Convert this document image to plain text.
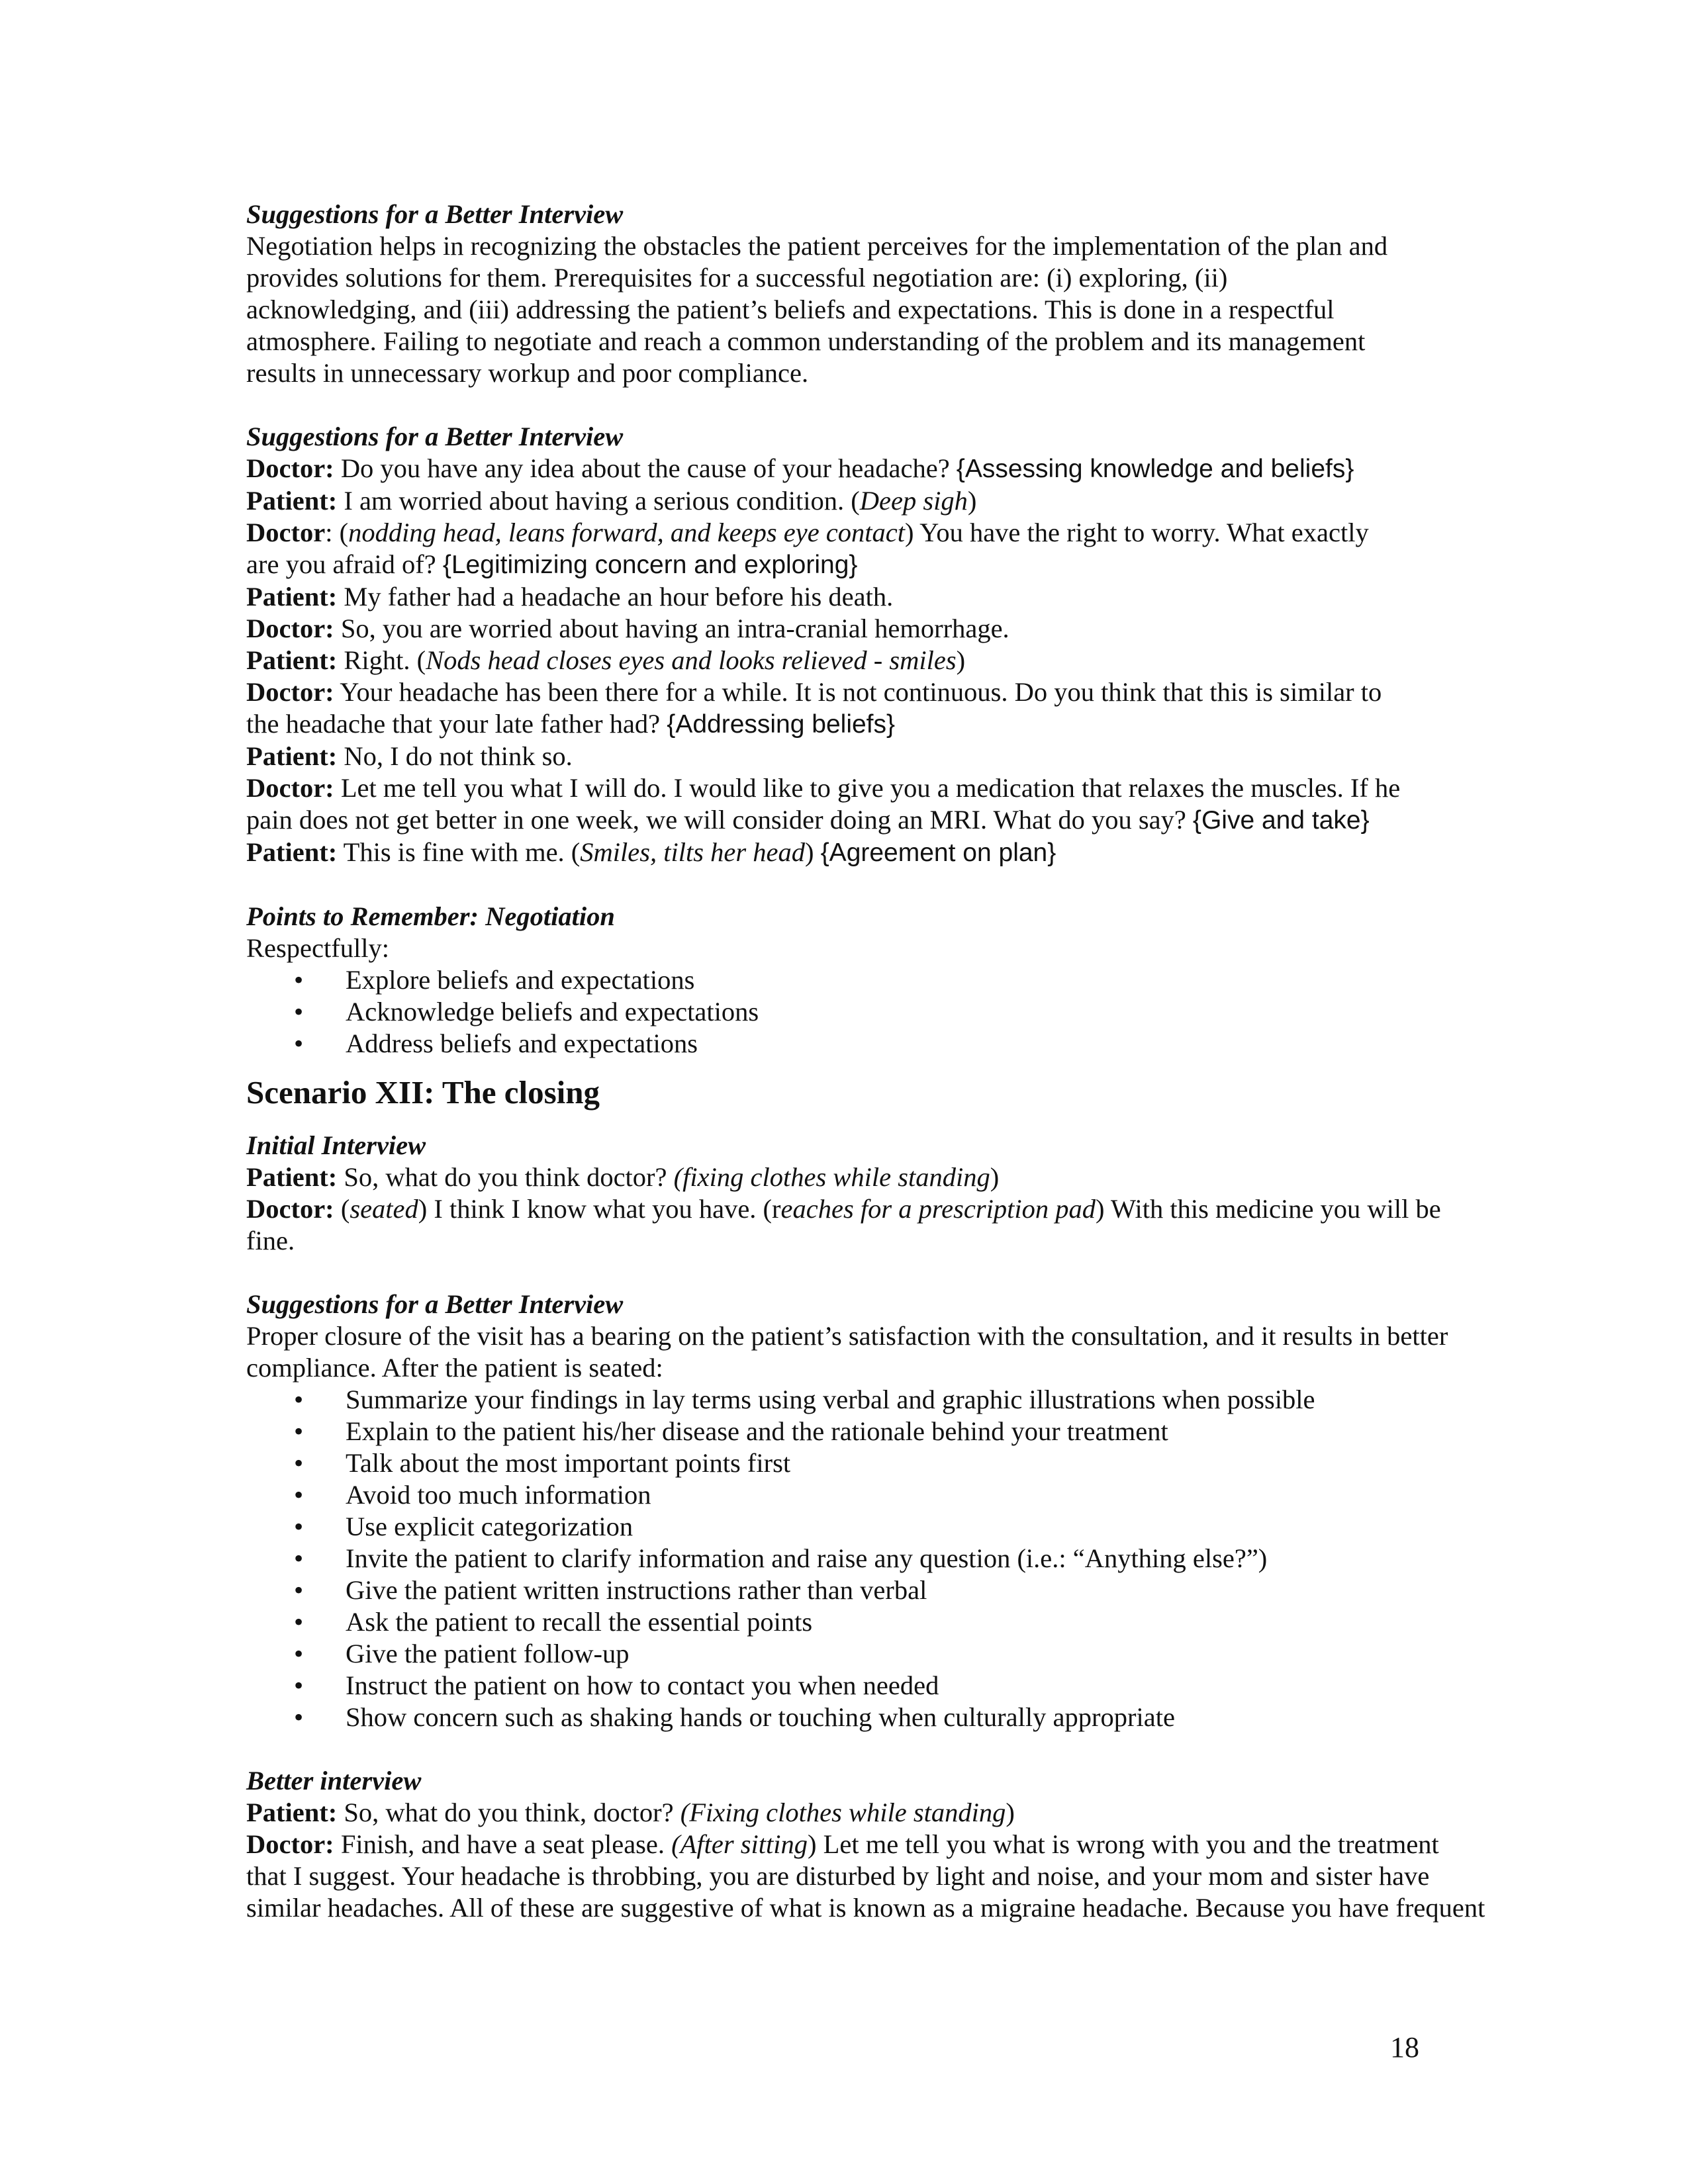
Suggestions for a Better Interview
Negotiation helps in recognizing the obstacles the patient perceives for the implementation of the plan and
provides solutions for them. Prerequisites for a successful negotiation are: (i) exploring, (ii)
acknowledging, and (iii) addressing the patient’s beliefs and expectations. This is done in a respectful
atmosphere. Failing to negotiate and reach a common understanding of the problem and its management
results in unnecessary workup and poor compliance.
Suggestions for a Better Interview
Doctor: Do you have any idea about the cause of your headache? {Assessing knowledge and beliefs}
Patient: I am worried about having a serious condition. (Deep sigh)
Doctor: (nodding head, leans forward, and keeps eye contact) You have the right to worry. What exactly
are you afraid of? {Legitimizing concern and exploring}
Patient: My father had a headache an hour before his death.
Doctor: So, you are worried about having an intra-cranial hemorrhage.
Patient: Right. (Nods head closes eyes and looks relieved - smiles)
Doctor: Your headache has been there for a while. It is not continuous. Do you think that this is similar to
the headache that your late father had? {Addressing beliefs}
Patient: No, I do not think so.
Doctor: Let me tell you what I will do. I would like to give you a medication that relaxes the muscles. If he
pain does not get better in one week, we will consider doing an MRI. What do you say? {Give and take}
Patient: This is fine with me. (Smiles, tilts her head) {Agreement on plan}
Points to Remember: Negotiation
Respectfully:
• Explore beliefs and expectations
• Acknowledge beliefs and expectations
• Address beliefs and expectations
Scenario XII: The closing
Initial Interview
Patient: So, what do you think doctor? (fixing clothes while standing)
Doctor: (seated) I think I know what you have. (reaches for a prescription pad) With this medicine you will be
fine.
Suggestions for a Better Interview
Proper closure of the visit has a bearing on the patient’s satisfaction with the consultation, and it results in better
compliance. After the patient is seated:
• Summarize your findings in lay terms using verbal and graphic illustrations when possible
• Explain to the patient his/her disease and the rationale behind your treatment
• Talk about the most important points first
• Avoid too much information
• Use explicit categorization
• Invite the patient to clarify information and raise any question (i.e.: “Anything else?”)
• Give the patient written instructions rather than verbal
• Ask the patient to recall the essential points
• Give the patient follow-up
• Instruct the patient on how to contact you when needed
• Show concern such as shaking hands or touching when culturally appropriate
Better interview
Patient: So, what do you think, doctor? (Fixing clothes while standing)
Doctor: Finish, and have a seat please. (After sitting) Let me tell you what is wrong with you and the treatment
that I suggest. Your headache is throbbing, you are disturbed by light and noise, and your mom and sister have
similar headaches. All of these are suggestive of what is known as a migraine headache. Because you have frequent
18
